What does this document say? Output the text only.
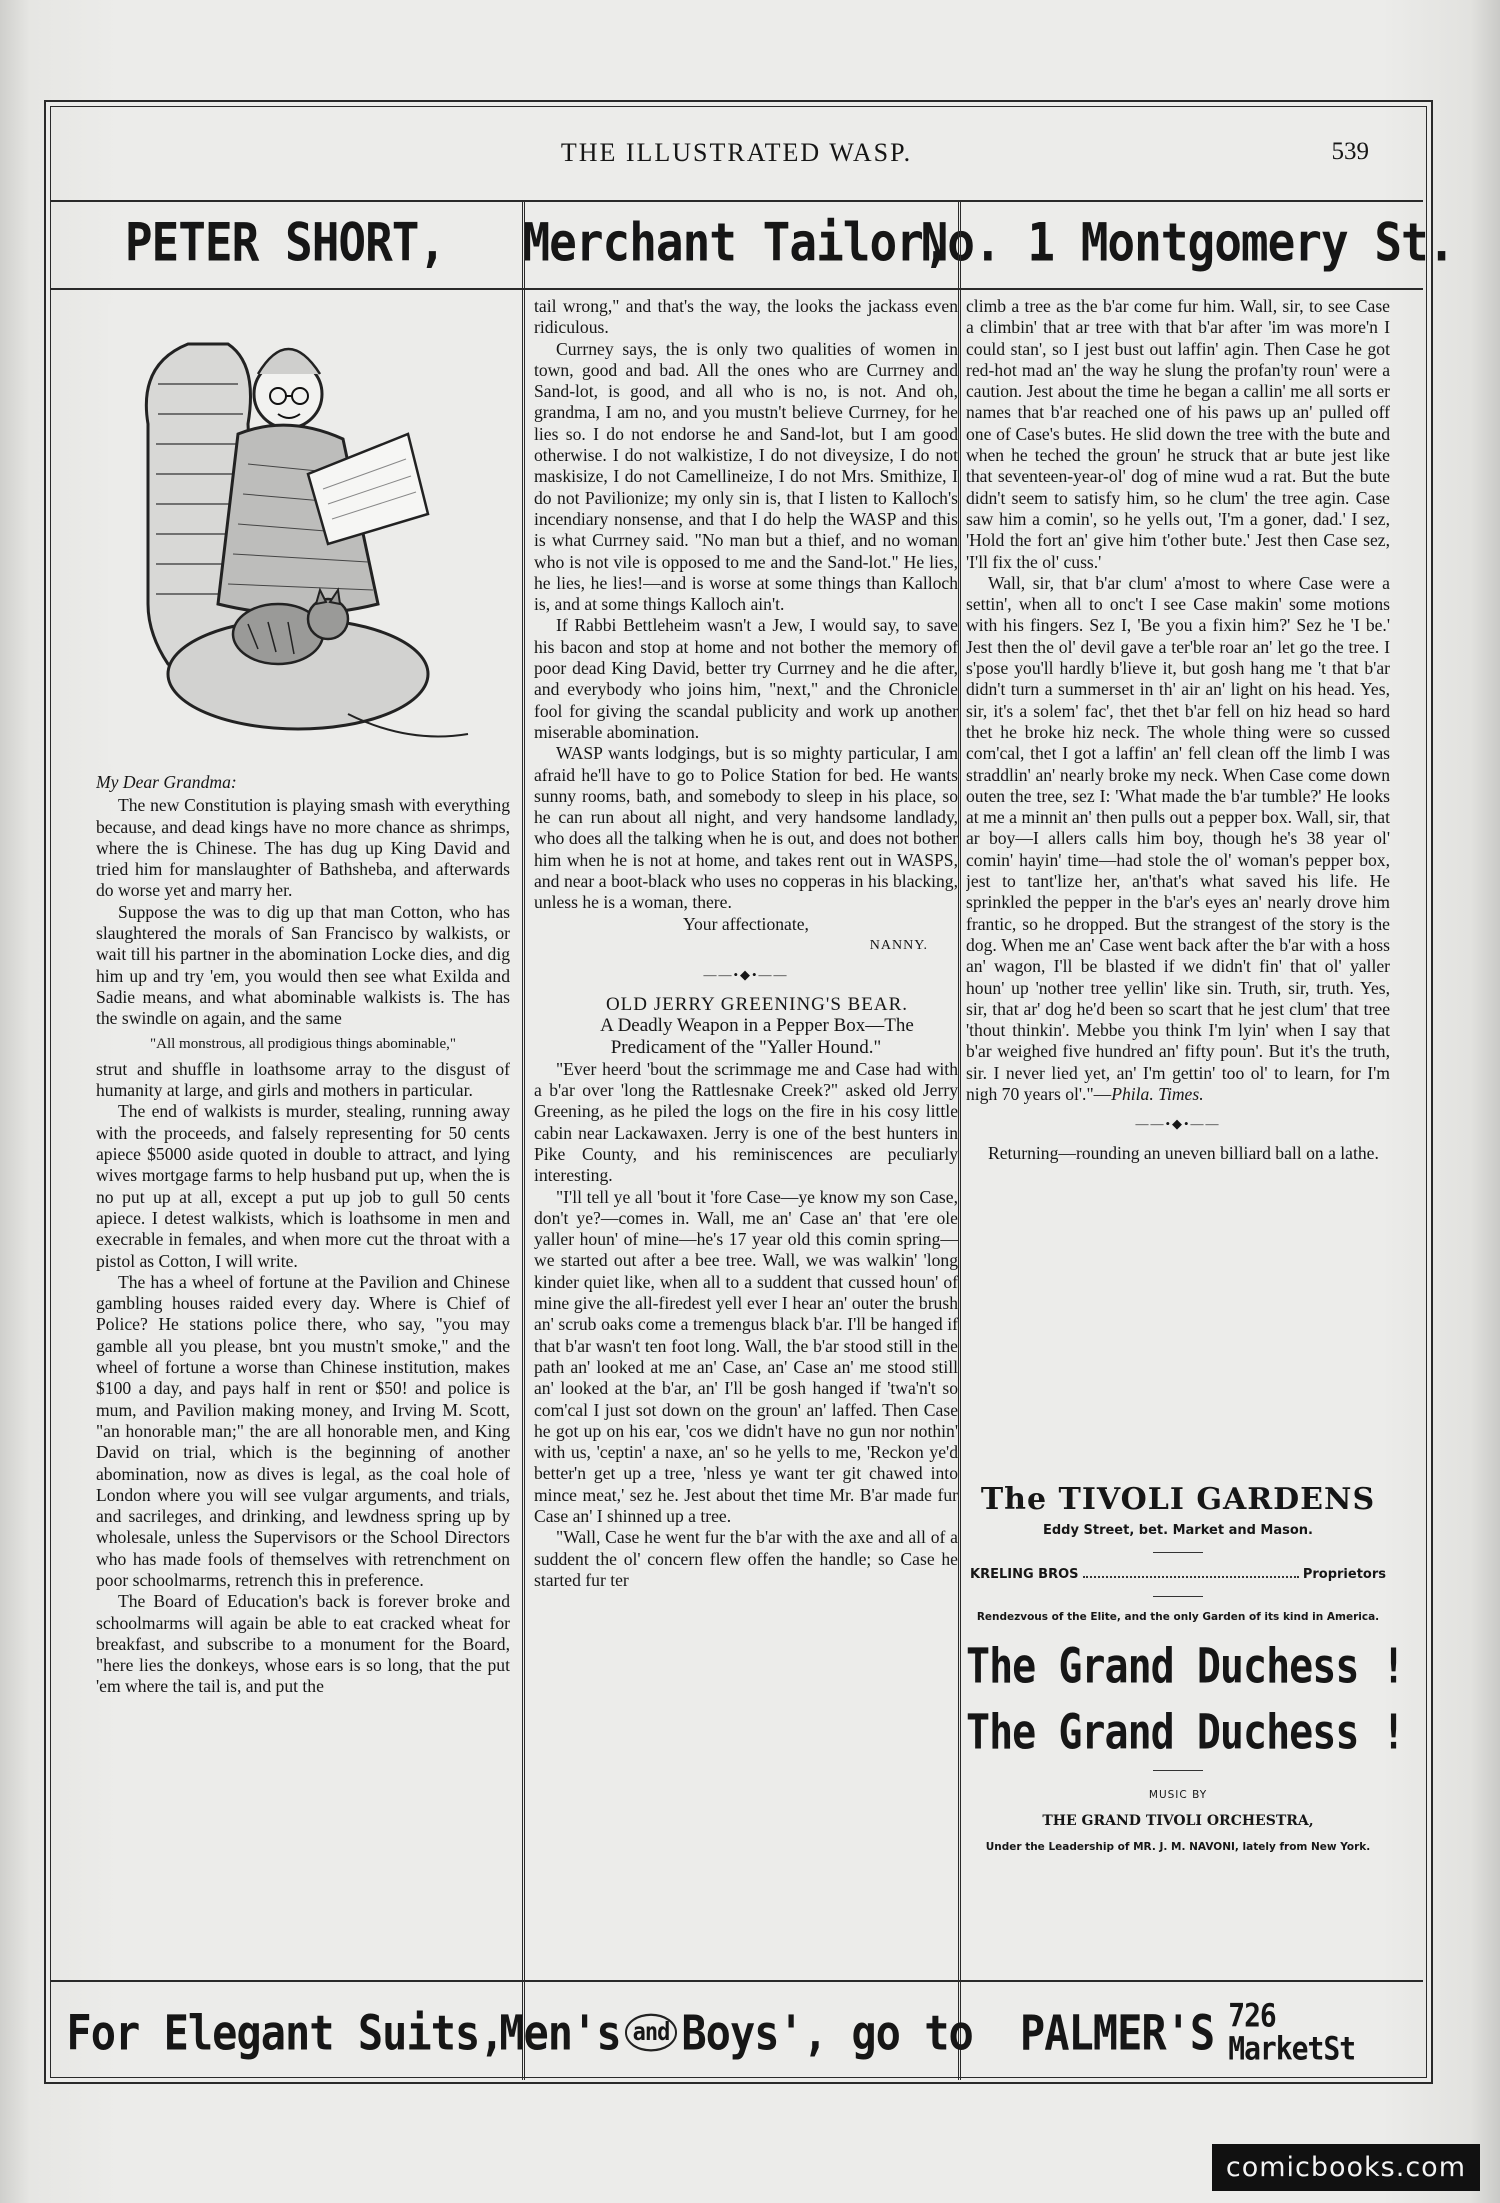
THE ILLUSTRATED WASP.	539
PETER SHORT,	Merchant Tailor,
No. 1 Montgomery St.

My Dear Grandma:

The new Constitution is playing smash with everything because, and dead kings have no more chance as shrimps, where the is Chinese. The has dug up King David and tried him for manslaughter of Bathsheba, and afterwards do worse yet and marry her.

Suppose the was to dig up that man Cotton, who has slaughtered the morals of San Francisco by walkists, or wait till his partner in the abomination Locke dies, and dig him up and try 'em, you would then see what Exilda and Sadie means, and what abominable walkists is. The has the swindle on again, and the same

"All monstrous, all prodigious things abominable,"

strut and shuffle in loathsome array to the disgust of humanity at large, and girls and mothers in particular.

The end of walkists is murder, stealing, running away with the proceeds, and falsely representing for 50 cents apiece $5000 aside quoted in double to attract, and lying wives mortgage farms to help husband put up, when the is no put up at all, except a put up job to gull 50 cents apiece. I detest walkists, which is loathsome in men and execrable in females, and when more cut the throat with a pistol as Cotton, I will write.

The has a wheel of fortune at the Pavilion and Chinese gambling houses raided every day. Where is Chief of Police? He stations police there, who say, "you may gamble all you please, bnt you mustn't smoke," and the wheel of fortune a worse than Chinese institution, makes $100 a day, and pays half in rent or $50! and police is mum, and Pavilion making money, and Irving M. Scott, "an honorable man;" the are all honorable men, and King David on trial, which is the beginning of another abomination, now as dives is legal, as the coal hole of London where you will see vulgar arguments, and trials, and sacrileges, and drinking, and lewdness spring up by wholesale, unless the Supervisors or the School Directors who has made fools of themselves with retrenchment on poor schoolmarms, retrench this in preference.

The Board of Education's back is forever broke and schoolmarms will again be able to eat cracked wheat for breakfast, and subscribe to a monument for the Board, "here lies the donkeys, whose ears is so long, that the put 'em where the tail is, and put the

tail wrong," and that's the way, the looks the jackass even ridiculous.

Currney says, the is only two qualities of women in town, good and bad. All the ones who are Currney and Sand-lot, is good, and all who is no, is not. And oh, grandma, I am no, and you mustn't believe Currney, for he lies so. I do not endorse he and Sand-lot, but I am good otherwise. I do not walkistize, I do not diveysize, I do not maskisize, I do not Camellineize, I do not Mrs. Smithize, I do not Pavilionize; my only sin is, that I listen to Kalloch's incendiary nonsense, and that I do help the WASP and this is what Currney said. "No man but a thief, and no woman who is not vile is opposed to me and the Sand-lot." He lies, he lies, he lies!—and is worse at some things than Kalloch is, and at some things Kalloch ain't.

If Rabbi Bettleheim wasn't a Jew, I would say, to save his bacon and stop at home and not bother the memory of poor dead King David, better try Currney and he die after, and everybody who joins him, "next," and the Chronicle fool for giving the scandal publicity and work up another miserable abomination.

WASP wants lodgings, but is so mighty particular, I am afraid he'll have to go to Police Station for bed. He wants sunny rooms, bath, and somebody to sleep in his place, so he can run about all night, and very handsome landlady, who does all the talking when he is out, and does not bother him when he is not at home, and takes rent out in WASPS, and near a boot-black who uses no copperas in his blacking, unless he is a woman, there.

Your affectionate,

NANNY.

——•◆•——

OLD JERRY GREENING'S BEAR.

A Deadly Weapon in a Pepper Box—The Predicament of the "Yaller Hound."

"Ever heerd 'bout the scrimmage me and Case had with a b'ar over 'long the Rattlesnake Creek?" asked old Jerry Greening, as he piled the logs on the fire in his cosy little cabin near Lackawaxen. Jerry is one of the best hunters in Pike County, and his reminiscences are peculiarly interesting.

"I'll tell ye all 'bout it 'fore Case—ye know my son Case, don't ye?—comes in. Wall, me an' Case an' that 'ere ole yaller houn' of mine—he's 17 year old this comin spring—we started out after a bee tree. Wall, we was walkin' 'long kinder quiet like, when all to a suddent that cussed houn' of mine give the all-firedest yell ever I hear an' outer the brush an' scrub oaks come a tremengus black b'ar. I'll be hanged if that b'ar wasn't ten foot long. Wall, the b'ar stood still in the path an' looked at me an' Case, an' Case an' me stood still an' looked at the b'ar, an' I'll be gosh hanged if 'twa'n't so com'cal I just sot down on the groun' an' laffed. Then Case he got up on his ear, 'cos we didn't have no gun nor nothin' with us, 'ceptin' a naxe, an' so he yells to me, 'Reckon ye'd better'n get up a tree, 'nless ye want ter git chawed into mince meat,' sez he. Jest about thet time Mr. B'ar made fur Case an' I shinned up a tree.

"Wall, Case he went fur the b'ar with the axe and all of a suddent the ol' concern flew offen the handle; so Case he started fur ter

climb a tree as the b'ar come fur him. Wall, sir, to see Case a climbin' that ar tree with that b'ar after 'im was more'n I could stan', so I jest bust out laffin' agin. Then Case he got red-hot mad an' the way he slung the profan'ty roun' were a caution. Jest about the time he began a callin' me all sorts er names that b'ar reached one of his paws up an' pulled off one of Case's butes. He slid down the tree with the bute and when he teched the groun' he struck that ar bute jest like that seventeen-year-ol' dog of mine wud a rat. But the bute didn't seem to satisfy him, so he clum' the tree agin. Case saw him a comin', so he yells out, 'I'm a goner, dad.' I sez, 'Hold the fort an' give him t'other bute.' Jest then Case sez, 'I'll fix the ol' cuss.'

Wall, sir, that b'ar clum' a'most to where Case were a settin', when all to onc't I see Case makin' some motions with his fingers. Sez I, 'Be you a fixin him?' Sez he 'I be.' Jest then the ol' devil gave a ter'ble roar an' let go the tree. I s'pose you'll hardly b'lieve it, but gosh hang me 't that b'ar didn't turn a summerset in th' air an' light on his head. Yes, sir, it's a solem' fac', thet thet b'ar fell on hiz head so hard thet he broke hiz neck. The whole thing were so cussed com'cal, thet I got a laffin' an' fell clean off the limb I was straddlin' an' nearly broke my neck. When Case come down outen the tree, sez I: 'What made the b'ar tumble?' He looks at me a minnit an' then pulls out a pepper box. Wall, sir, that ar boy—I allers calls him boy, though he's 38 year ol' comin' hayin' time—had stole the ol' woman's pepper box, jest to tant'lize her, an'that's what saved his life. He sprinkled the pepper in the b'ar's eyes an' nearly drove him frantic, so he dropped. But the strangest of the story is the dog. When me an' Case went back after the b'ar with a hoss an' wagon, I'll be blasted if we didn't fin' that ol' yaller houn' up 'nother tree yellin' like sin. Truth, sir, truth. Yes, sir, that ar' dog he'd been so scart that he jest clum' that tree 'thout thinkin'. Mebbe you think I'm lyin' when I say that b'ar weighed five hundred an' fifty poun'. But it's the truth, sir. I never lied yet, an' I'm gettin' too ol' to learn, for I'm nigh 70 years ol'."—Phila. Times.

——•◆•——

Returning—rounding an uneven billiard ball on a lathe.

The TIVOLI GARDENS
Eddy Street, bet. Market and Mason.
KRELING BROS	Proprietors
Rendezvous of the Elite, and the only Garden of its kind in America.
The Grand Duchess !
The Grand Duchess !
MUSIC BY
THE GRAND TIVOLI ORCHESTRA,
Under the Leadership of MR. J. M. NAVONI, lately from New York.
For Elegant Suits,
Men's and Boys', go to PALMER'S 726
MarketSt
comicbooks.com
